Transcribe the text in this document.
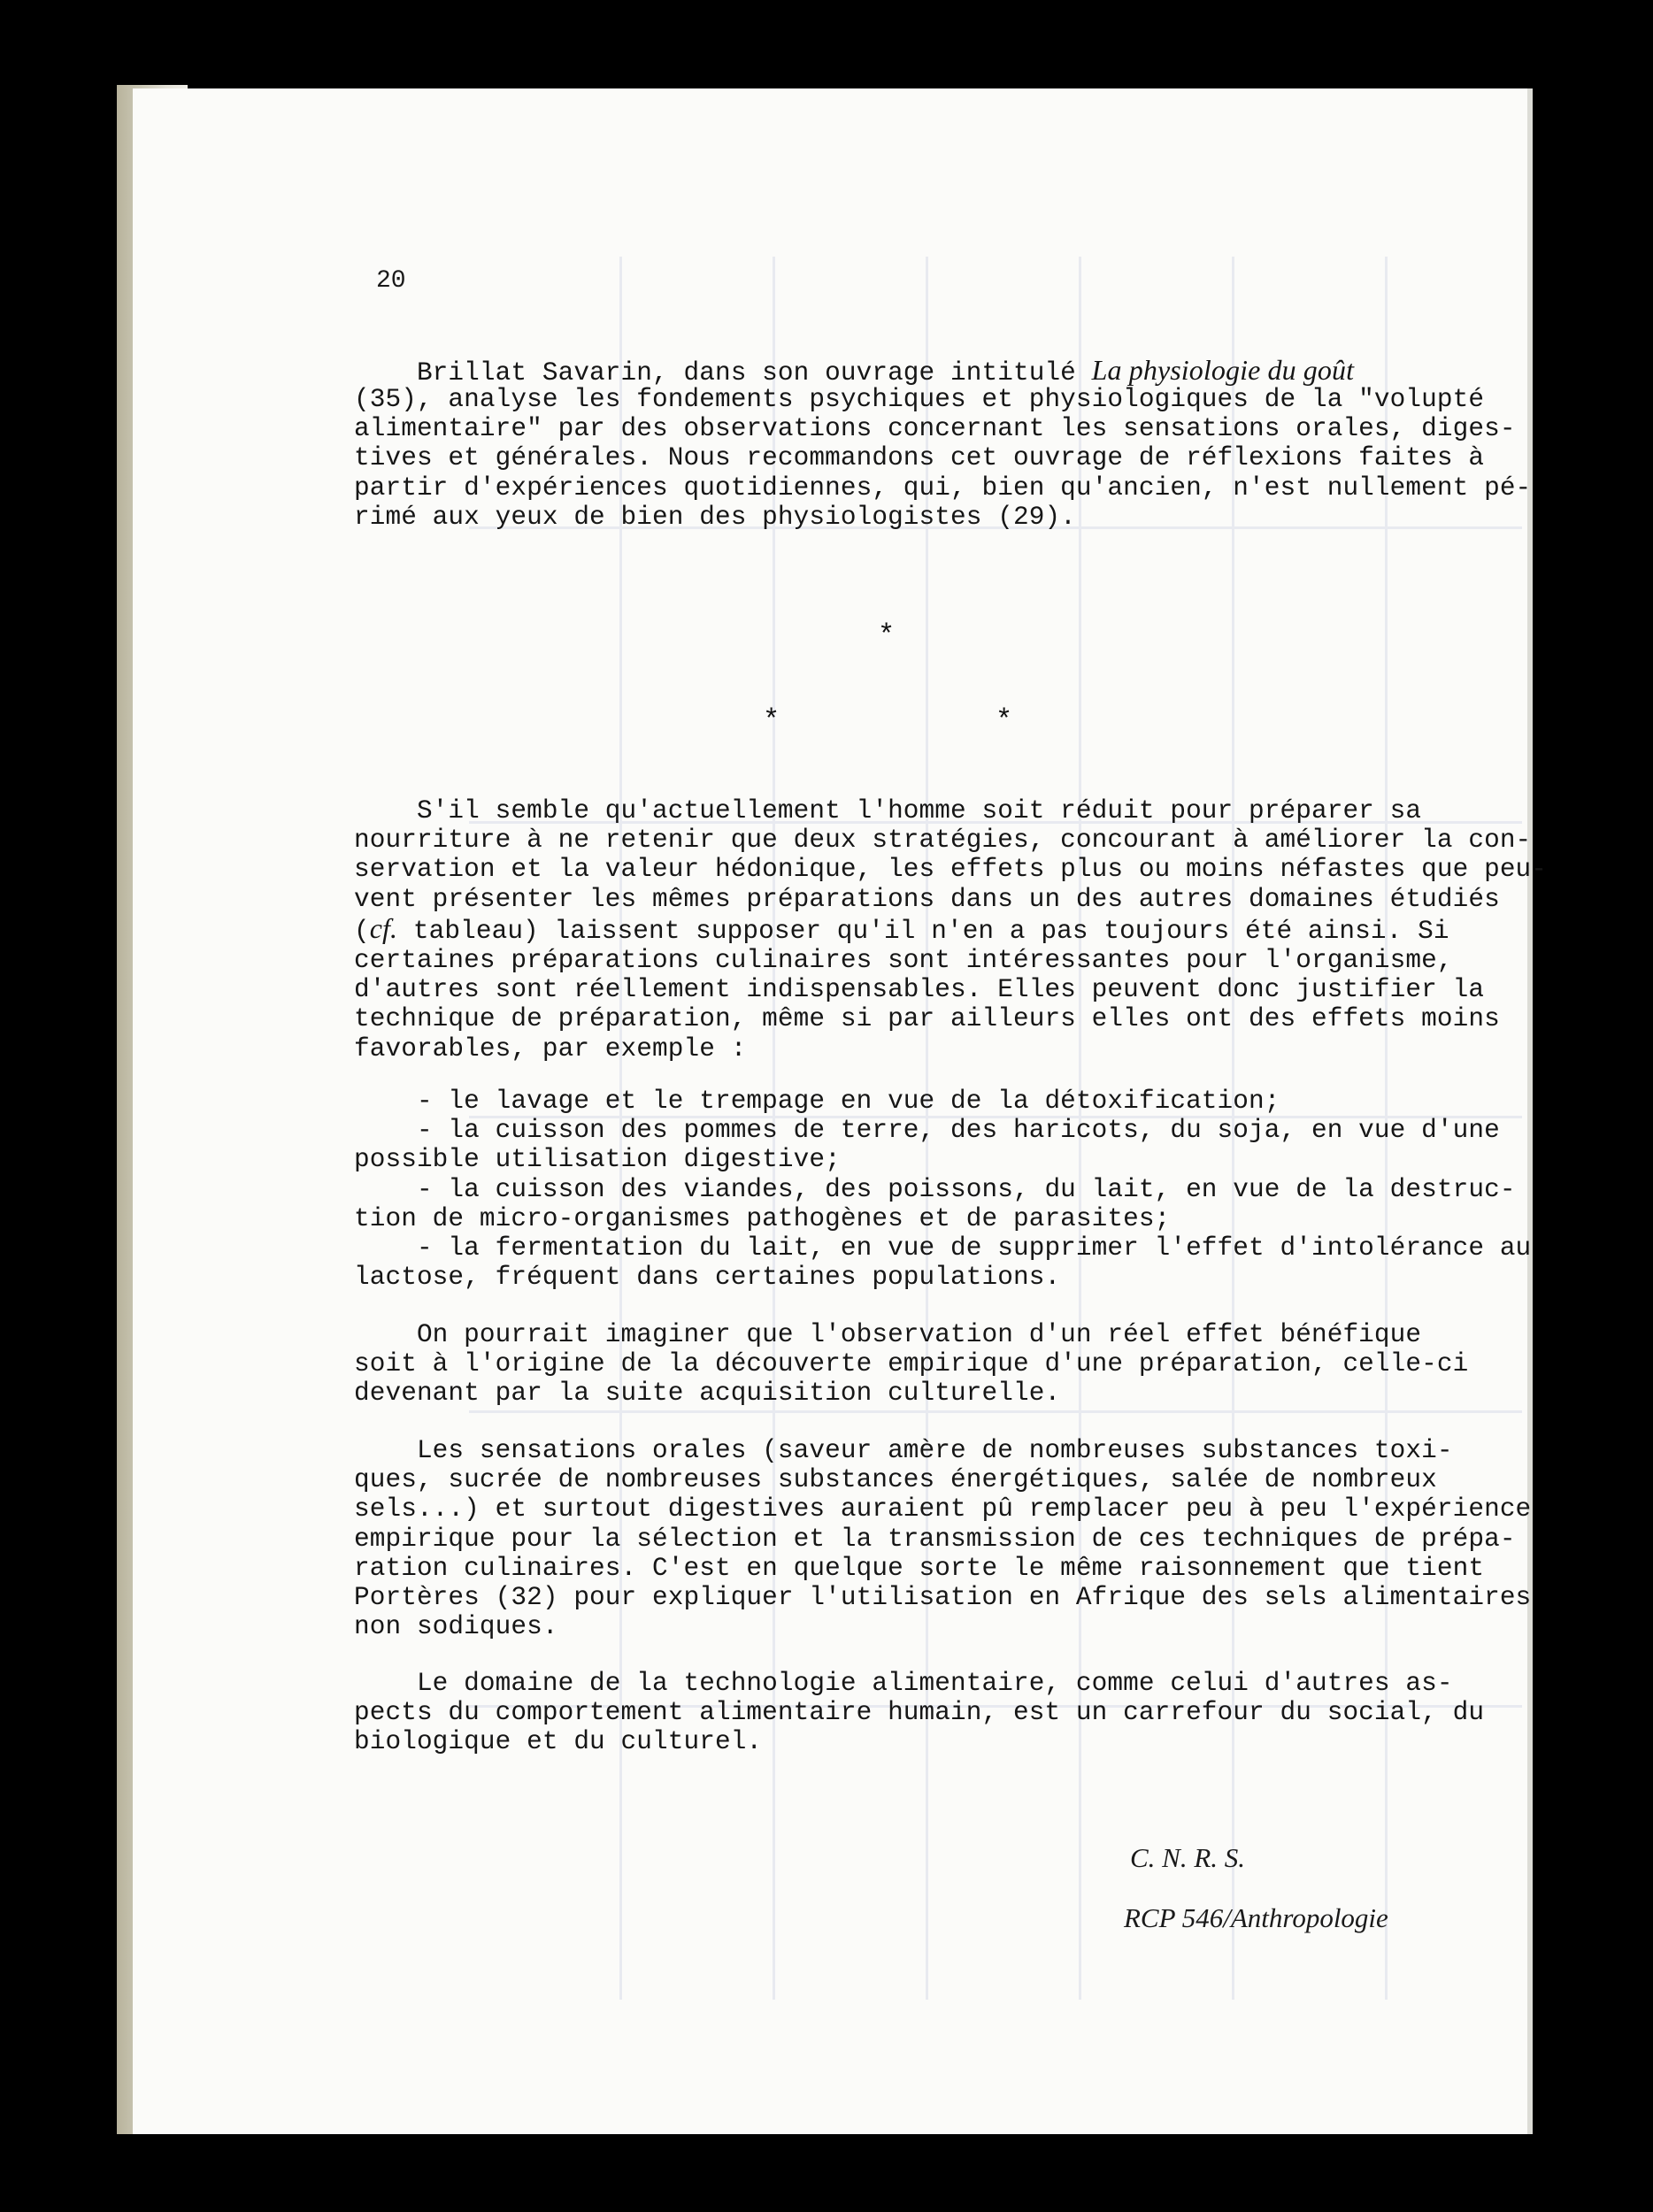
20
Brillat Savarin, dans son ouvrage intitulé La physiologie du goût
(35), analyse les fondements psychiques et physiologiques de la "volupté
alimentaire" par des observations concernant les sensations orales, diges-
tives et générales. Nous recommandons cet ouvrage de réflexions faites à
partir d'expériences quotidiennes, qui, bien qu'ancien, n'est nullement pé-
rimé aux yeux de bien des physiologistes (29).
*
*	*
S'il semble qu'actuellement l'homme soit réduit pour préparer sa
nourriture à ne retenir que deux stratégies, concourant à améliorer la con-
servation et la valeur hédonique, les effets plus ou moins néfastes que peu-
vent présenter les mêmes préparations dans un des autres domaines étudiés
(cf. tableau) laissent supposer qu'il n'en a pas toujours été ainsi. Si
certaines préparations culinaires sont intéressantes pour l'organisme,
d'autres sont réellement indispensables. Elles peuvent donc justifier la
technique de préparation, même si par ailleurs elles ont des effets moins
favorables, par exemple :
- le lavage et le trempage en vue de la détoxification;
- la cuisson des pommes de terre, des haricots, du soja, en vue d'une
possible utilisation digestive;
- la cuisson des viandes, des poissons, du lait, en vue de la destruc-
tion de micro-organismes pathogènes et de parasites;
- la fermentation du lait, en vue de supprimer l'effet d'intolérance au
lactose, fréquent dans certaines populations.
On pourrait imaginer que l'observation d'un réel effet bénéfique
soit à l'origine de la découverte empirique d'une préparation, celle-ci
devenant par la suite acquisition culturelle.
Les sensations orales (saveur amère de nombreuses substances toxi-
ques, sucrée de nombreuses substances énergétiques, salée de nombreux
sels...) et surtout digestives auraient pû remplacer peu à peu l'expérience
empirique pour la sélection et la transmission de ces techniques de prépa-
ration culinaires. C'est en quelque sorte le même raisonnement que tient
Portères (32) pour expliquer l'utilisation en Afrique des sels alimentaires
non sodiques.
Le domaine de la technologie alimentaire, comme celui d'autres as-
pects du comportement alimentaire humain, est un carrefour du social, du
biologique et du culturel.
C. N. R. S.
RCP 546/Anthropologie
